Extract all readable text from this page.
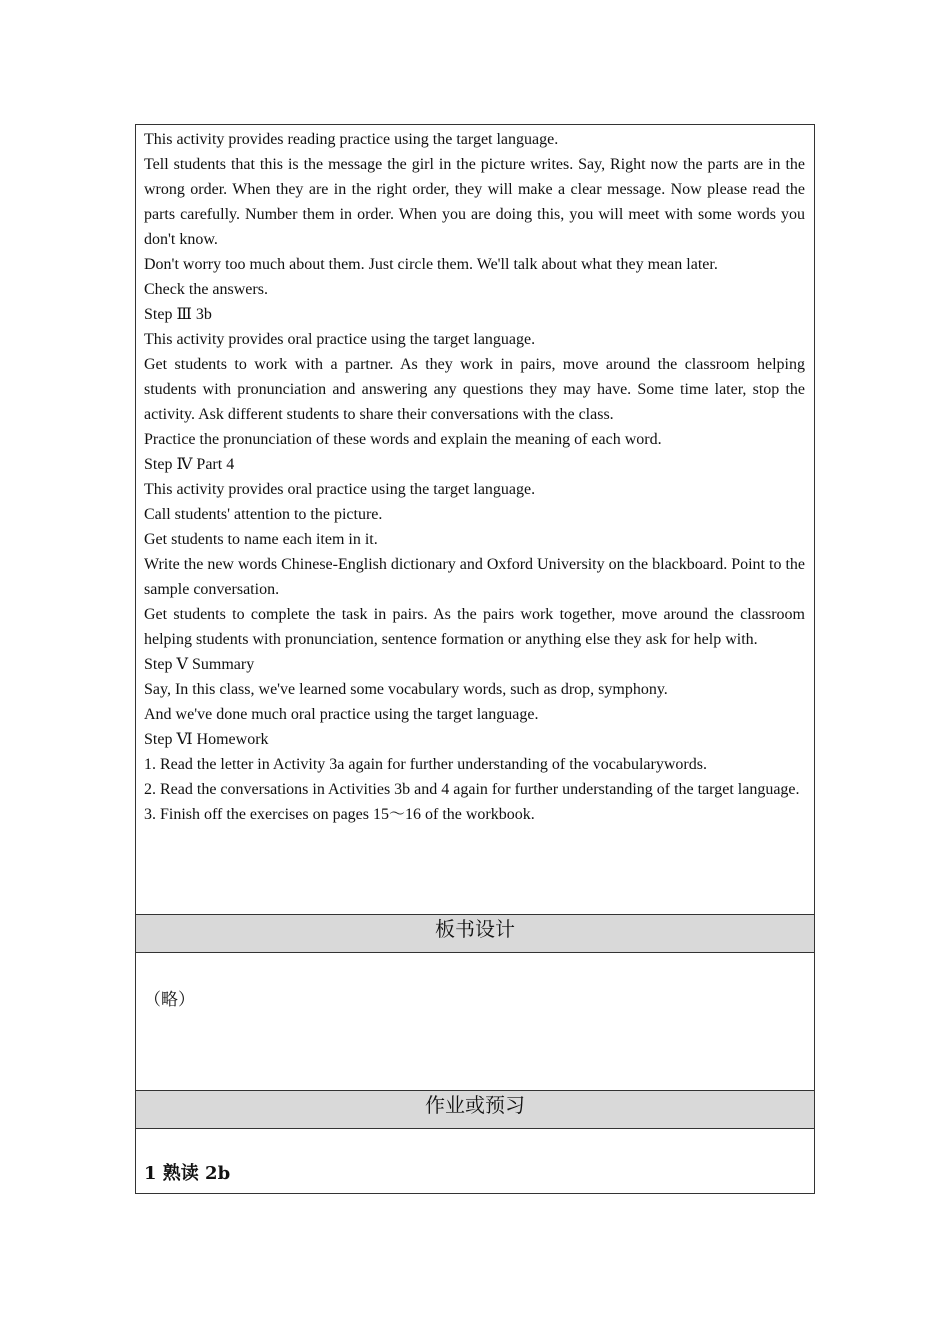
This activity provides reading practice using the target language.

Tell students that this is the message the girl in the picture writes. Say, Right now the parts are in the wrong order. When they are in the right order, they will make a clear message. Now please read the parts carefully. Number them in order. When you are doing this, you will meet with some words you don't know.

Don't worry too much about them. Just circle them. We'll talk about what they mean later.

Check the answers.

Step Ⅲ 3b

This activity provides oral practice using the target language.

Get students to work with a partner. As they work in pairs, move around the classroom helping students with pronunciation and answering any questions they may have. Some time later, stop the activity. Ask different students to share their conversations with the class.

Practice the pronunciation of these words and explain the meaning of each word.

Step Ⅳ Part 4

This activity provides oral practice using the target language.

Call students' attention to the picture.

Get students to name each item in it.

Write the new words Chinese-English dictionary and Oxford University on the blackboard. Point to the sample conversation.

Get students to complete the task in pairs. As the pairs work together, move around the classroom helping students with pronunciation, sentence formation or anything else they ask for help with.

Step Ⅴ Summary

Say, In this class, we've learned some vocabulary words, such as drop, symphony.

And we've done much oral practice using the target language.

Step Ⅵ Homework

1. Read the letter in Activity 3a again for further understanding of the vocabularywords.

2. Read the conversations in Activities 3b and 4 again for further understanding of the target language.

3. Finish off the exercises on pages 15～16 of the workbook.

板书设计
（略）
作业或预习
1 熟读 2b
